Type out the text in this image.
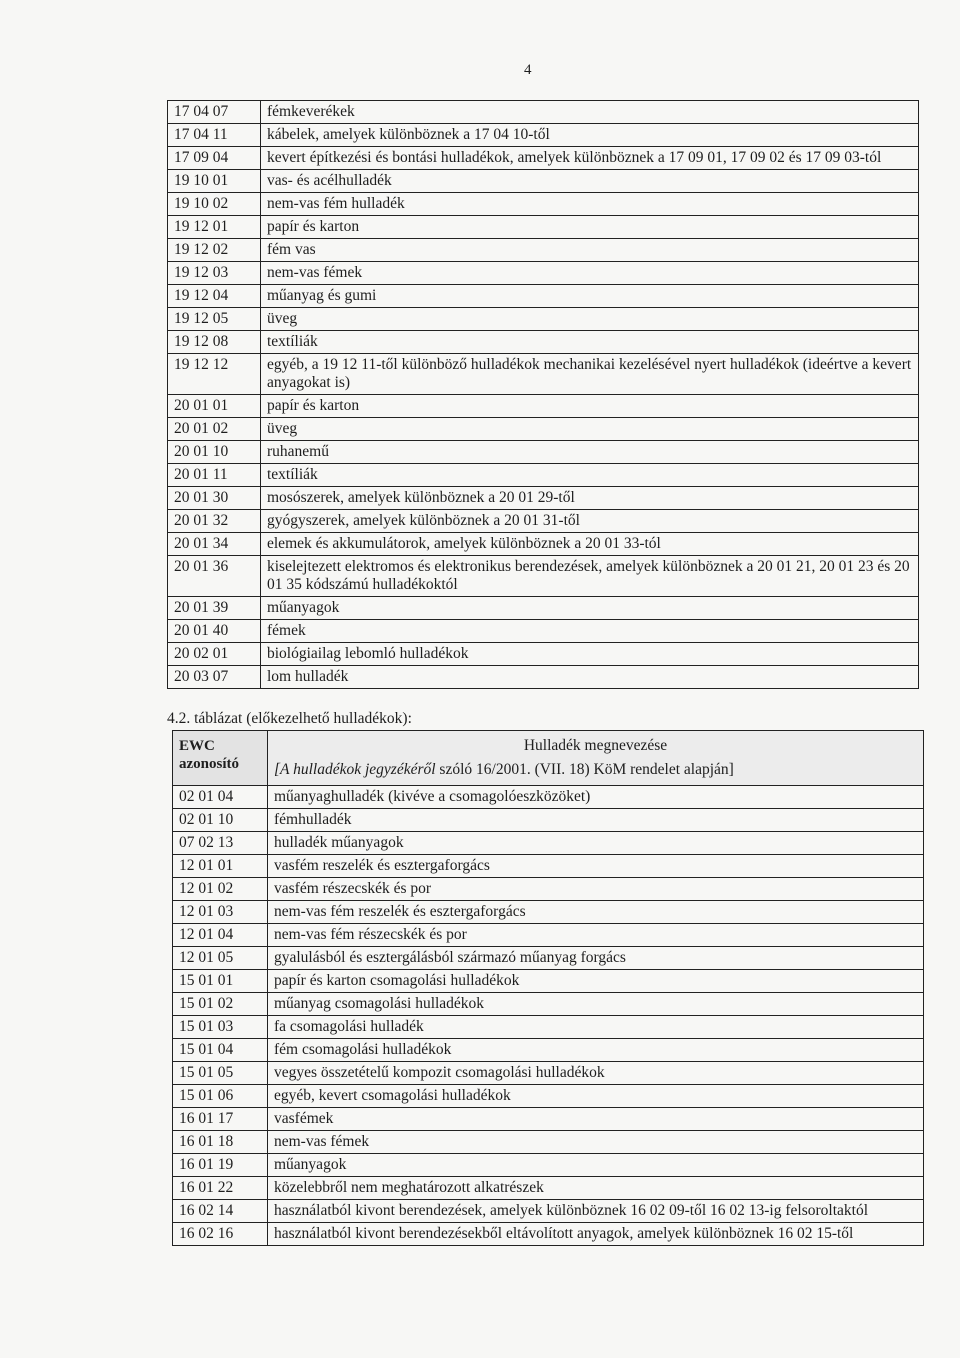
4
17 04 07	fémkeverékek
17 04 11	kábelek, amelyek különböznek a 17 04 10-től
17 09 04	kevert építkezési és bontási hulladékok, amelyek különböznek a 17 09 01, 17 09 02 és 17 09 03-tól
19 10 01	vas- és acélhulladék
19 10 02	nem-vas fém hulladék
19 12 01	papír és karton
19 12 02	fém vas
19 12 03	nem-vas fémek
19 12 04	műanyag és gumi
19 12 05	üveg
19 12 08	textíliák
19 12 12	egyéb, a 19 12 11-től különböző hulladékok mechanikai kezelésével nyert hulladékok (ideértve a kevert anyagokat is)
20 01 01	papír és karton
20 01 02	üveg
20 01 10	ruhanemű
20 01 11	textíliák
20 01 30	mosószerek, amelyek különböznek a 20 01 29-től
20 01 32	gyógyszerek, amelyek különböznek a 20 01 31-től
20 01 34	elemek és akkumulátorok, amelyek különböznek a 20 01 33-tól
20 01 36	kiselejtezett elektromos és elektronikus berendezések, amelyek különböznek a 20 01 21, 20 01 23 és 20 01 35 kódszámú hulladékoktól
20 01 39	műanyagok
20 01 40	fémek
20 02 01	biológiailag lebomló hulladékok
20 03 07	lom hulladék
4.2. táblázat (előkezelhető hulladékok):
EWC
azonosító	Hulladék megnevezése
[A hulladékok jegyzékéről szóló 16/2001. (VII. 18) KöM rendelet alapján]

02 01 04	műanyaghulladék (kivéve a csomagolóeszközöket)
02 01 10	fémhulladék
07 02 13	hulladék műanyagok
12 01 01	vasfém reszelék és esztergaforgács
12 01 02	vasfém részecskék és por
12 01 03	nem-vas fém reszelék és esztergaforgács
12 01 04	nem-vas fém részecskék és por
12 01 05	gyalulásból és esztergálásból származó műanyag forgács
15 01 01	papír és karton csomagolási hulladékok
15 01 02	műanyag csomagolási hulladékok
15 01 03	fa csomagolási hulladék
15 01 04	fém csomagolási hulladékok
15 01 05	vegyes összetételű kompozit csomagolási hulladékok
15 01 06	egyéb, kevert csomagolási hulladékok
16 01 17	vasfémek
16 01 18	nem-vas fémek
16 01 19	műanyagok
16 01 22	közelebbről nem meghatározott alkatrészek
16 02 14	használatból kivont berendezések, amelyek különböznek 16 02 09-től 16 02 13-ig felsoroltaktól
16 02 16	használatból kivont berendezésekből eltávolított anyagok, amelyek különböznek 16 02 15-től
